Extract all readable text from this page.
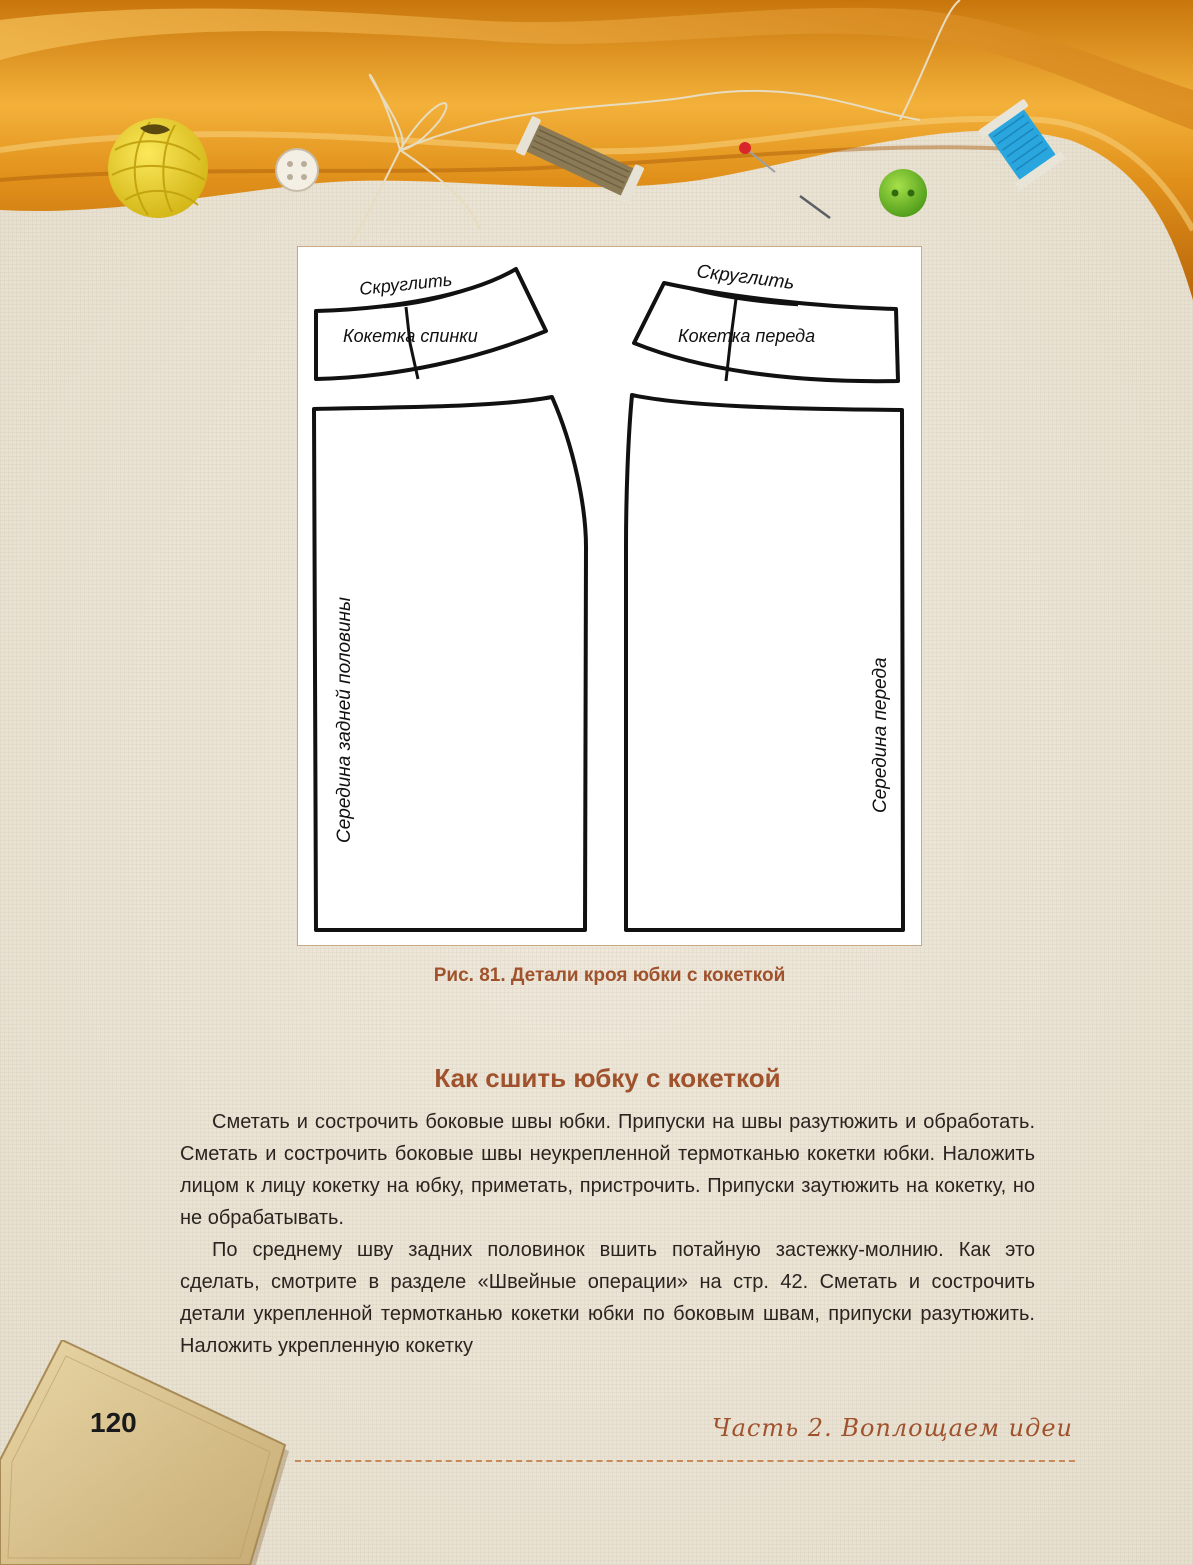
Скруглить
Кокетка спинки
Скруглить
Кокетка переда
Середина задней половины	Середина переда

Рис. 81. Детали кроя юбки с кокеткой

Как сшить юбку с кокеткой

Сметать и сострочить боковые швы юбки. Припуски на швы разутюжить и обработать. Сметать и сострочить боковые швы неукрепленной термотканью кокетки юбки. Наложить лицом к лицу кокетку на юбку, приметать, пристрочить. Припуски заутюжить на кокетку, но не обрабатывать.

По среднему шву задних половинок вшить потайную застежку-молнию. Как это сделать, смотрите в разделе «Швейные операции» на стр. 42. Сметать и сострочить детали укрепленной термотканью кокетки юбки по боковым швам, припуски разутюжить. Наложить укрепленную кокетку

120	Часть 2. Воплощаем идеи
